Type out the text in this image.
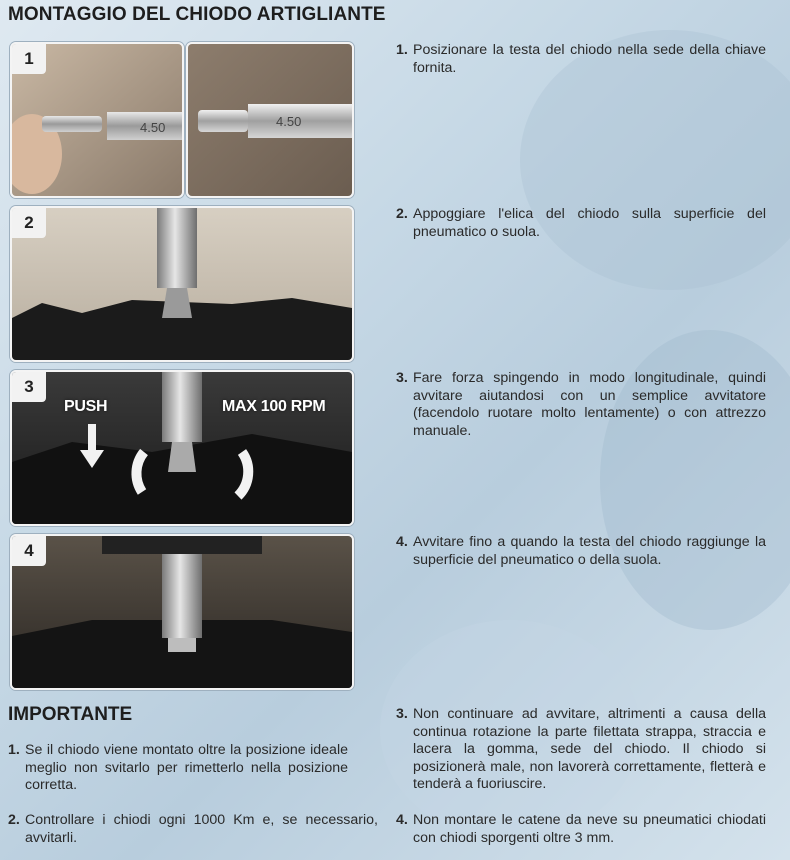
MONTAGGIO DEL CHIODO ARTIGLIANTE
4.50
1
4.50
2
3
PUSH	MAX 100 RPM
4
1. Posizionare la testa del chiodo nella sede della chiave fornita.
2. Appoggiare l'elica del chiodo sulla superficie del pneumatico o suola.
3. Fare forza spingendo in modo longitudinale, quindi avvitare aiutandosi con un semplice avvitatore (facendolo ruotare molto lentamente) o con attrezzo manuale.
4. Avvitare fino a quando la testa del chiodo raggiunge la superficie del pneumatico o della suola.
IMPORTANTE
1. Se il chiodo viene montato oltre la posizione ideale meglio non svitarlo per rimetterlo nella posizione corretta.
2. Controllare i chiodi ogni 1000 Km e, se necessario, avvitarli.
3. Non continuare ad avvitare, altrimenti a causa della continua rotazione la parte filettata strappa, straccia e lacera la gomma, sede del chiodo. Il chiodo si posizionerà male, non lavorerà correttamente, fletterà e tenderà a fuoriuscire.
4. Non montare le catene da neve su pneumatici chiodati con chiodi sporgenti oltre 3 mm.
